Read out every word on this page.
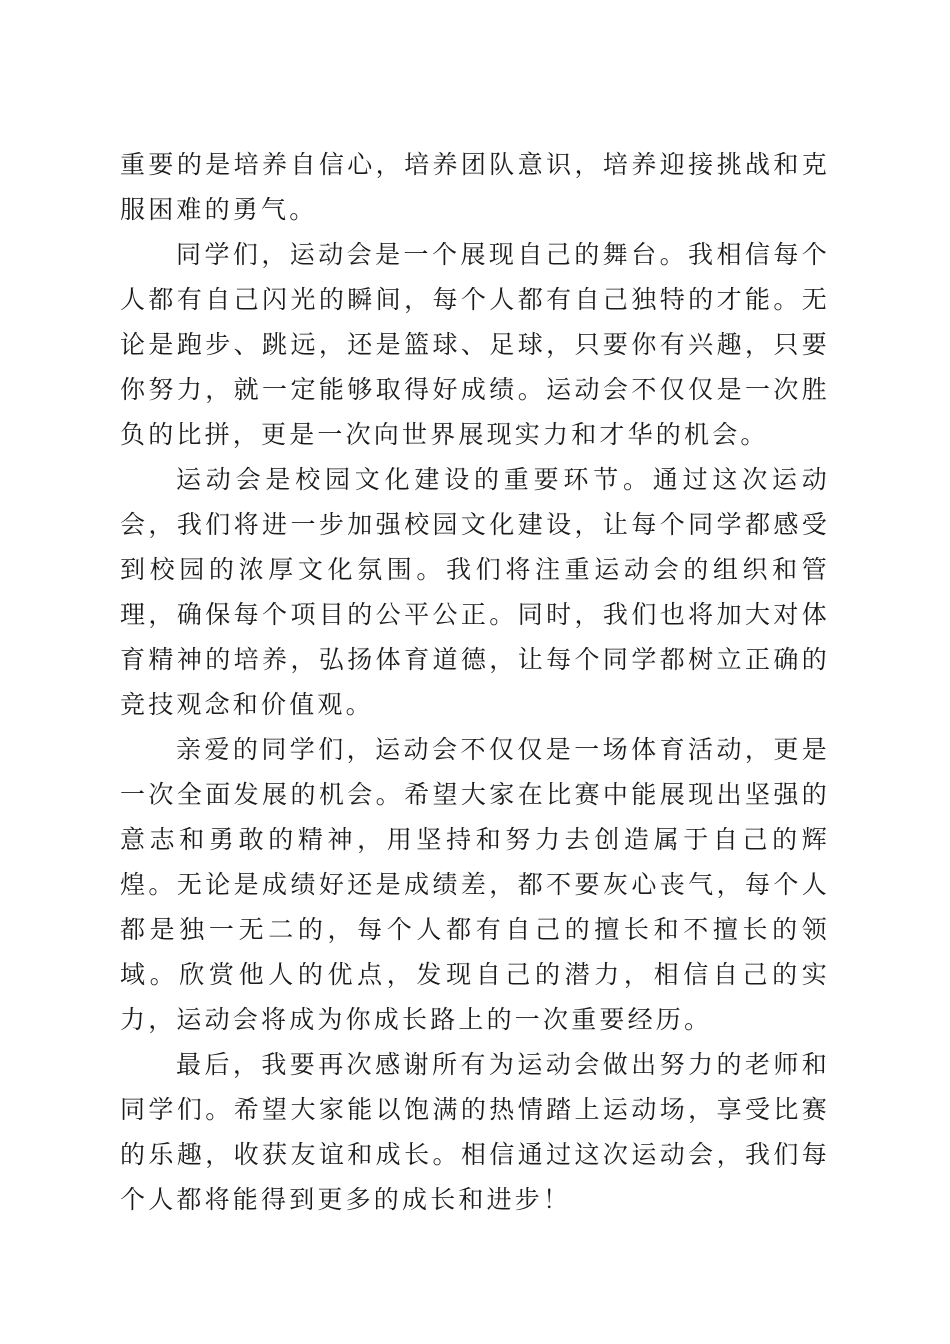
重要的是培养自信心，培养团队意识，培养迎接挑战和克服困难的勇气。

同学们，运动会是一个展现自己的舞台。我相信每个人都有自己闪光的瞬间，每个人都有自己独特的才能。无论是跑步、跳远，还是篮球、足球，只要你有兴趣，只要你努力，就一定能够取得好成绩。运动会不仅仅是一次胜负的比拼，更是一次向世界展现实力和才华的机会。

运动会是校园文化建设的重要环节。通过这次运动会，我们将进一步加强校园文化建设，让每个同学都感受到校园的浓厚文化氛围。我们将注重运动会的组织和管理，确保每个项目的公平公正。同时，我们也将加大对体育精神的培养，弘扬体育道德，让每个同学都树立正确的竞技观念和价值观。

亲爱的同学们，运动会不仅仅是一场体育活动，更是一次全面发展的机会。希望大家在比赛中能展现出坚强的意志和勇敢的精神，用坚持和努力去创造属于自己的辉煌。无论是成绩好还是成绩差，都不要灰心丧气，每个人都是独一无二的，每个人都有自己的擅长和不擅长的领域。欣赏他人的优点，发现自己的潜力，相信自己的实力，运动会将成为你成长路上的一次重要经历。

最后，我要再次感谢所有为运动会做出努力的老师和同学们。希望大家能以饱满的热情踏上运动场，享受比赛的乐趣，收获友谊和成长。相信通过这次运动会，我们每个人都将能得到更多的成长和进步！
